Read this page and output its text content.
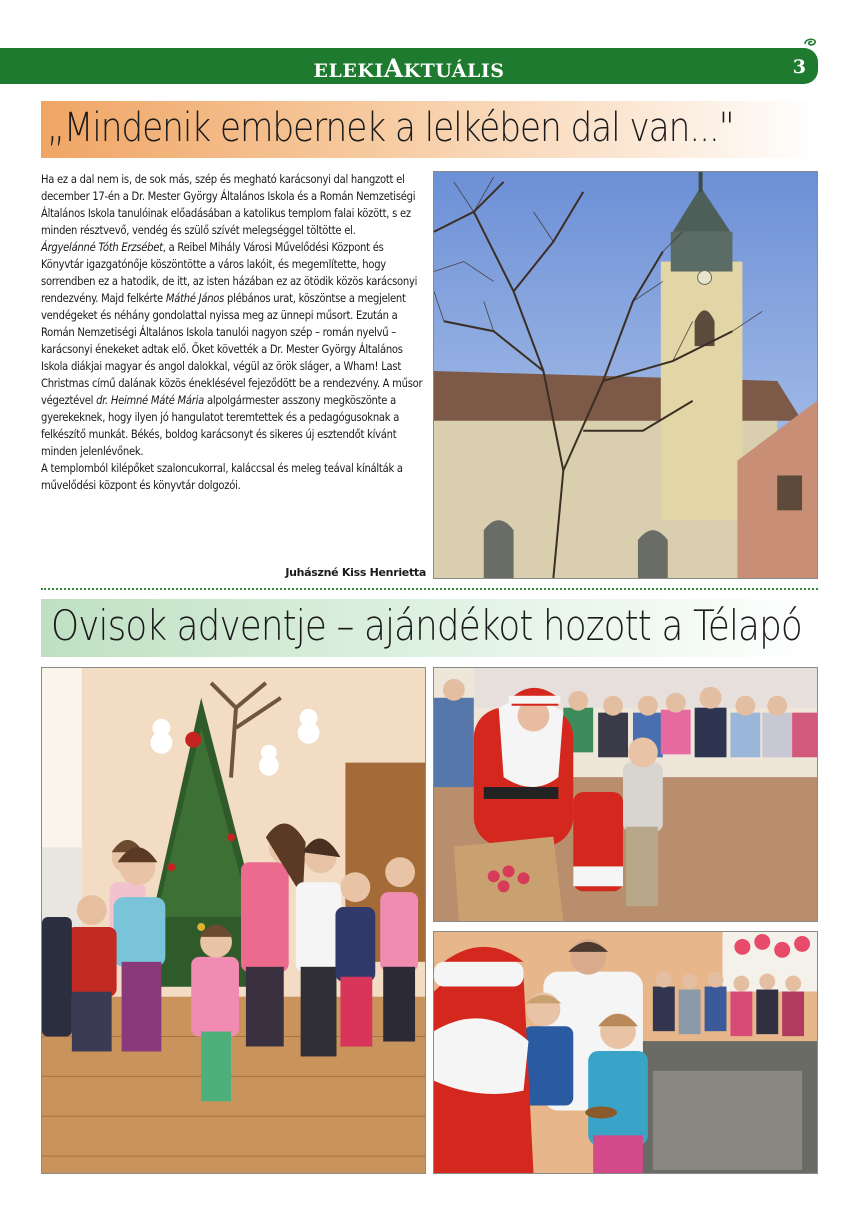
ELEKIAKTUÁLIS	3
„Mindenik embernek a lelkében dal van..."

Ha ez a dal nem is, de sok más, szép és megható karácsonyi dal hangzott el december 17-én a Dr. Mester György Általános Iskola és a Román Nemzetiségi Általános Iskola tanulóinak előadásában a katolikus templom falai között, s ez minden résztvevő, vendég és szülő szívét melegséggel töltötte el.

Árgyelánné Tóth Erzsébet, a Reibel Mihály Városi Művelődési Központ és Könyvtár igazgatónője köszöntötte a város lakóit, és megemlítette, hogy sorrendben ez a hatodik, de itt, az isten házában ez az ötödik közös karácsonyi rendezvény. Majd felkérte Máthé János plébános urat, köszöntse a megjelent vendégeket és néhány gondolattal nyissa meg az ünnepi műsort. Ezután a Román Nemzetiségi Általános Iskola tanulói nagyon szép – román nyelvű – karácsonyi énekeket adtak elő. Őket követték a Dr. Mester György Általános Iskola diákjai magyar és angol dalokkal, végül az örök sláger, a Wham! Last Christmas című dalának közös éneklésével fejeződött be a rendezvény. A műsor végeztével dr. Heimné Máté Mária alpolgármester asszony megköszönte a gyerekeknek, hogy ilyen jó hangulatot teremtettek és a pedagógusoknak a felkészítő munkát. Békés, boldog karácsonyt és sikeres új esztendőt kívánt minden jelenlévőnek.

A templomból kilépőket szaloncukorral, kaláccsal és meleg teával kínálták a művelődési központ és könyvtár dolgozói.

Juhászné Kiss Henrietta
Ovisok adventje – ajándékot hozott a Télapó
